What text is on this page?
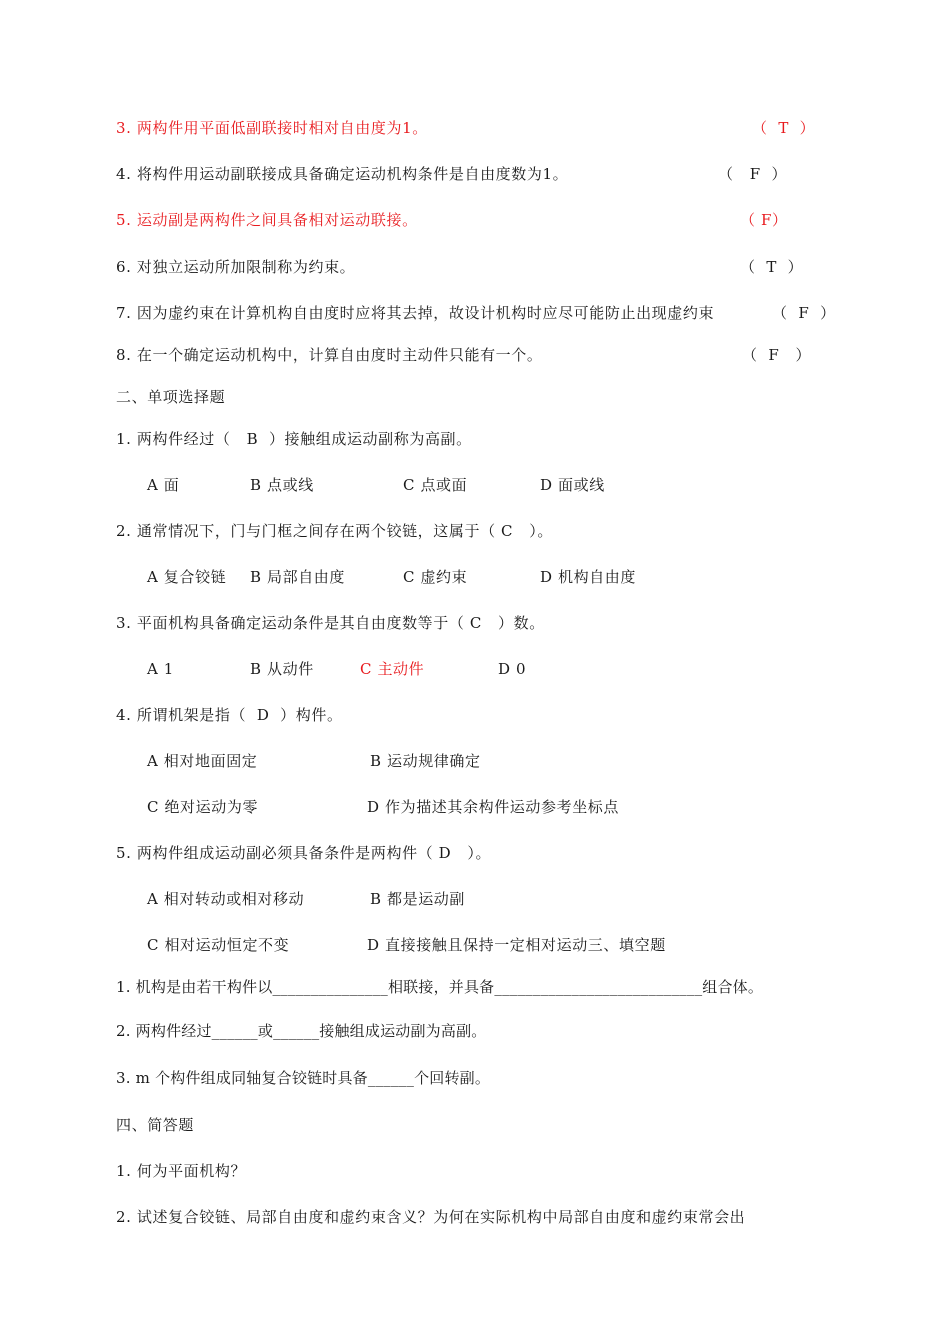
3. 两构件用平面低副联接时相对自由度为1。	（  T  ）
4. 将构件用运动副联接成具备确定运动机构条件是自由度数为1。	（   F  ）
5. 运动副是两构件之间具备相对运动联接。	（ F）
6. 对独立运动所加限制称为约束。	（  T  ）
7. 因为虚约束在计算机构自由度时应将其去掉，故设计机构时应尽可能防止出现虚约束	（  F  ）
8. 在一个确定运动机构中，计算自由度时主动件只能有一个。	（  F   ）
二、单项选择题
1. 两构件经过（   B  ）接触组成运动副称为高副。
A 面	B 点或线	C 点或面	D 面或线
2. 通常情况下，门与门框之间存在两个铰链，这属于（ C   ）。
A 复合铰链 B 局部自由度	C 虚约束	D 机构自由度
3. 平面机构具备确定运动条件是其自由度数等于（ C   ）数。
A 1	B 从动件	C 主动件	D 0
4. 所谓机架是指（  D  ）构件。
A 相对地面固定	B 运动规律确定
C 绝对运动为零	D 作为描述其余构件运动参考坐标点
5. 两构件组成运动副必须具备条件是两构件（ D   ）。
A 相对转动或相对移动	B 都是运动副
C 相对运动恒定不变	D 直接接触且保持一定相对运动三、填空题
1. 机构是由若干构件以_______________相联接，并具备___________________________组合体。
2. 两构件经过______或______接触组成运动副为高副。
3. m 个构件组成同轴复合铰链时具备______个回转副。
四、简答题
1. 何为平面机构？
2. 试述复合铰链、局部自由度和虚约束含义？为何在实际机构中局部自由度和虚约束常会出
